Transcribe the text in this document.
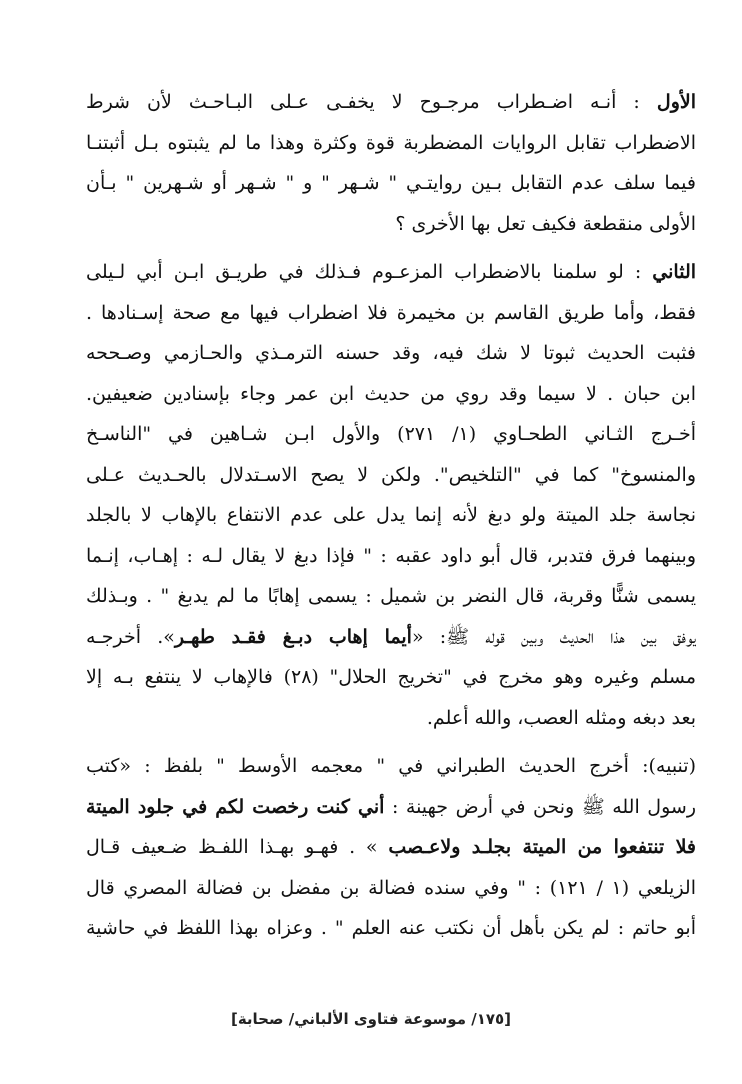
الأول : أنـه اضـطراب مرجـوح لا يخفـى عـلى البـاحـث لأن شرط
الاضطراب تقابل الروايات المضطربة قوة وكثرة وهذا ما لم يثبتوه بـل أثبتنـا
فيما سلف عدم التقابل بـين روايتـي " شـهر " و " شـهر أو شـهرين " بـأن
الأولى منقطعة فكيف تعل بها الأخرى ؟
الثاني : لو سلمنا بالاضطراب المزعـوم فـذلك في طريـق ابـن أبي لـيلى
فقط، وأما طريق القاسم بن مخيمرة فلا اضطراب فيها مع صحة إسـنادها .
فثبت الحديث ثبوتا لا شك فيه، وقد حسنه الترمـذي والحـازمي وصـححه
ابن حبان . لا سيما وقد روي من حديث ابن عمر وجاء بإسنادين ضعيفين.
أخـرج الثـاني الطحـاوي (١/ ٢٧١) والأول ابـن شـاهين في "الناسـخ
والمنسوخ" كما في "التلخيص". ولكن لا يصح الاسـتدلال بالحـديث عـلى
نجاسة جلد الميتة ولو دبغ لأنه إنما يدل على عدم الانتفاع بالإهاب لا بالجلد
وبينهما فرق فتدبر، قال أبو داود عقبه : " فإذا دبغ لا يقال لـه : إهـاب، إنـما
يسمى شنًّا وقربة، قال النضر بن شميل : يسمى إهابًا ما لم يدبغ " . وبـذلك
يوفق بين هذا الحديث وبين قوله ﷺ: «أيما إهاب دبـغ فقـد طهـر». أخرجـه
مسلم وغيره وهو مخرج في "تخريج الحلال" (٢٨) فالإهاب لا ينتفع بـه إلا
بعد دبغه ومثله العصب، والله أعلم.
(تنبيه): أخرج الحديث الطبراني في " معجمه الأوسط " بلفظ : «كتب
رسول الله ﷺ ونحن في أرض جهينة : أني كنت رخصت لكم في جلود الميتة
فلا تنتفعوا من الميتة بجلـد ولاعـصب » . فهـو بهـذا اللفـظ ضـعيف قـال
الزيلعي (١ / ١٢١) : " وفي سنده فضالة بن مفضل بن فضالة المصري قال
أبو حاتم : لم يكن بأهل أن نكتب عنه العلم " . وعزاه بهذا اللفظ في حاشية
[١٧٥/ موسوعة فتاوى الألباني/ صحابة]
